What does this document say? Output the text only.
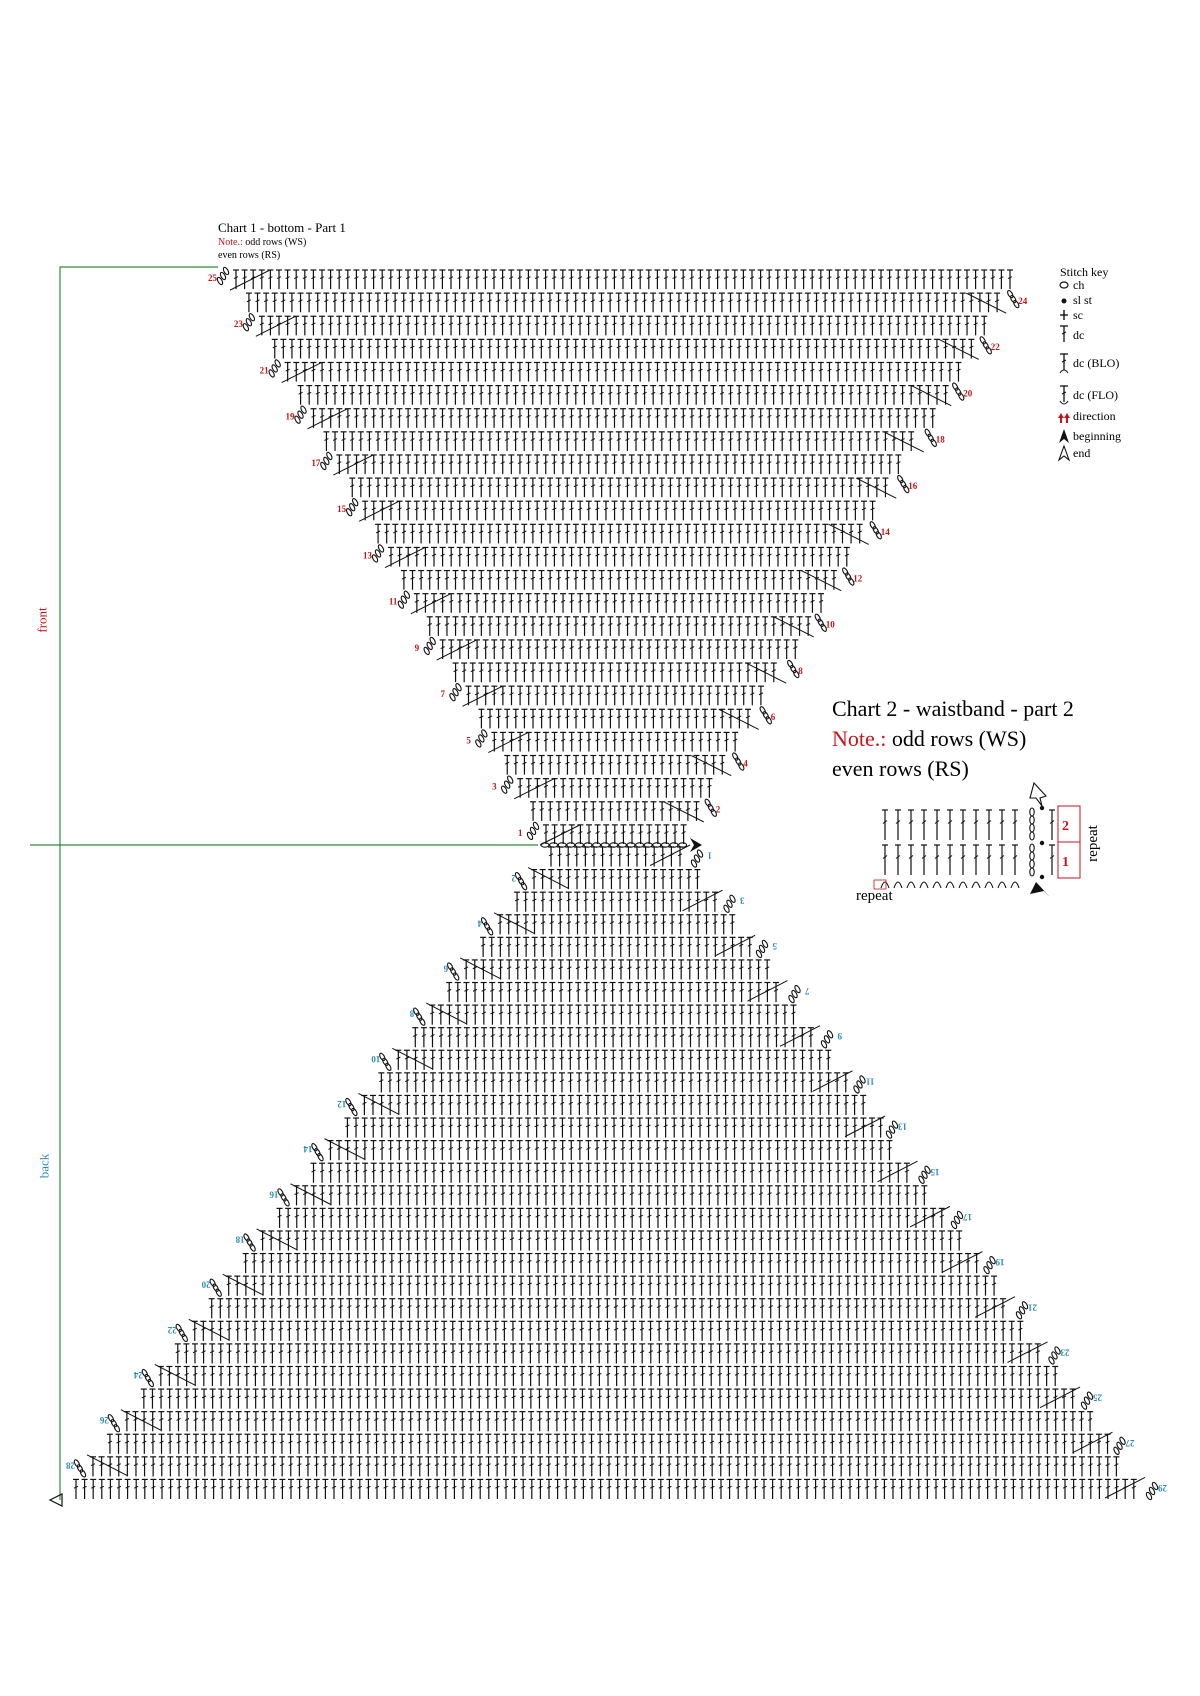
1
2
3
4
5
6
7
8
9
10
11
12
13
14
15
16
17
18
19
20
21
22
23
24
25
1
2
3
4
5
6
7
8
9
10
11
12
13
14
15
16
17
18
19
20
21
22
23
24
25
26
27
28
29
2
1
Chart 1 - bottom - Part 1
Note.: odd rows (WS)
even rows (RS)
front
back
Stitch key
ch
sl st
sc
dc
dc (BLO)
dc (FLO)
direction
beginning
end
Chart 2 - waistband - part 2
Note.: odd rows (WS)
even rows (RS)
repeat
repeat
